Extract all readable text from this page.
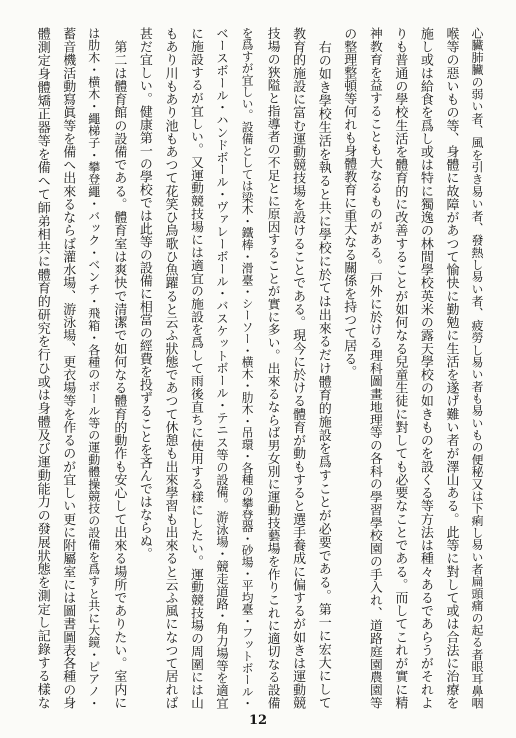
心臟肺臟の弱い者、風を引き易い者、發熱し易い者、疲勞し易い者も易いもの便秘又は下痢し易い者扁頭痛の起る者眼耳鼻咽
喉等の惡いもの等、身體に故障があつて愉快に勤勉に生活を遂げ難い者が澤山ある。此等に對して或は合法に治療を
施し或は給食を爲し或は特に獨逸の林間學校英米の露天學校の如きものを設くる等方法は種々あるであらうがそれよ
りも普通の學校生活を體育的に改善することが如何なる兒童生徒に對しても必要なことである。而してこれが實に精
神教育を益することも大なるものがある。戸外に於ける理科圖畫地理等の各科の學習學校園の手入れ、道路庭園農園等
の整理整頓等何れも身體教育に重大なる關係を持つて居る。
　右の如き學校生活を執ると共に學校に於ては出來るだけ體育的施設を爲すことが必要である。第一に宏大にして
教育的施設に富む運動競技場を設けることである。現今に於ける體育が動もすると選手養成に偏するが如きは運動競
技場の狹隘と指導者の不足とに原因することが實に多い。出來るならば男女別に運動技藝場を作りこれに適切なる設備
を爲すが宜しい。設備としては梁木・鐵棒・滑臺・シーソー・横木・肋木・吊環・各種の攀登器・砂場・平均臺・フットボール・
ベースボール・ハンドボール・ヴァレーボール・バスケットボール・テニス等の設備。游泳場・競走道路・角力場等を適宜
に施設するが宜しい。又運動競技場には適宜の施設を爲して雨後直ちに使用する樣にしたい。運動競技場の周圍には山
もあり川もあり池もあつて花笑ひ鳥歌ひ魚躍ると云ふ狀態であつて休憩も出來學習も出來ると云ふ風になつて居れば
甚だ宜しい。健康第一の學校では此等の設備に相當の經費を投ずることを吝んではならぬ。
　第二は體育館の設備である。體育室は爽快で清潔で如何なる體育的動作も安心して出來る場所でありたい。室内に
は肋木・横木・繩梯子・攀登繩・バック・ベンチ・飛箱・各種のボール等の運動體操競技の設備を爲すと共に大鏡・ピアノ・
蓄音機活動寫眞等を備へ出來るならば灌水場、游泳場、更衣場等を作るのが宜しい更に附屬室には圖書圖表各種の身
體測定身體矯正器等を備へて師弟相共に體育的研究を行ひ或は身體及び運動能力の發展狀態を測定し記錄する樣な
12
